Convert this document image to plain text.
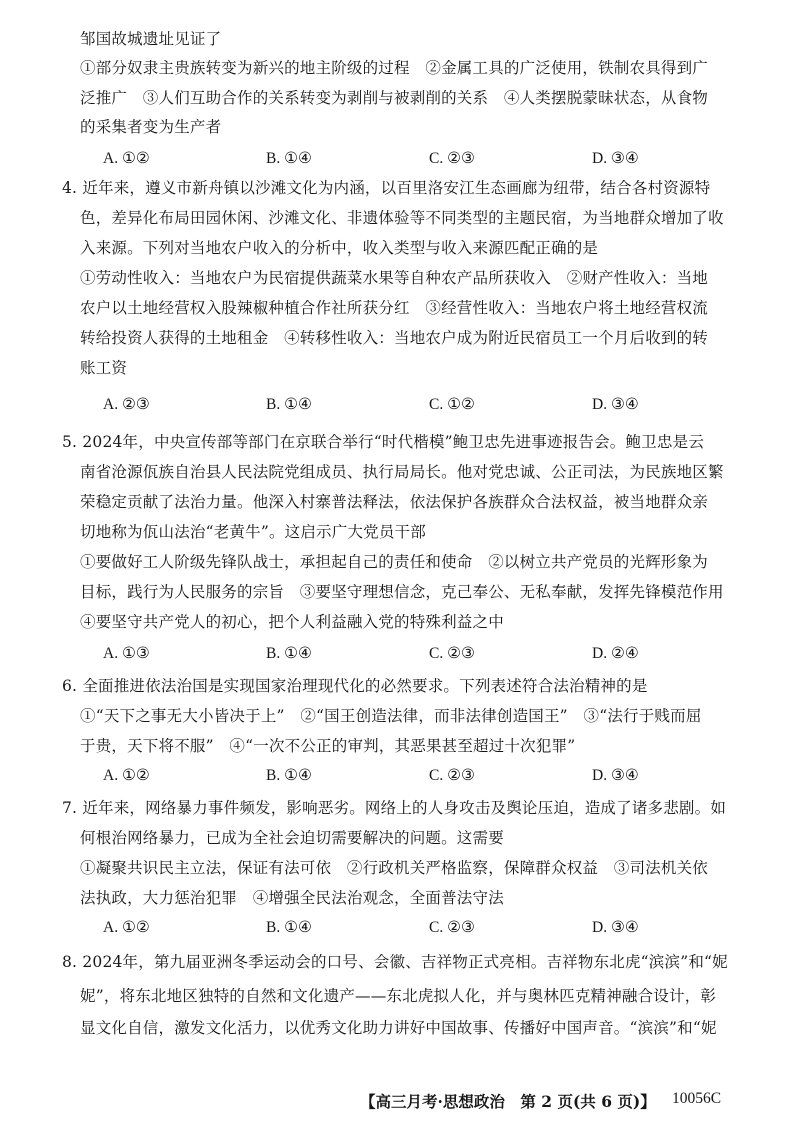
邹国故城遗址见证了
①部分奴隶主贵族转变为新兴的地主阶级的过程　②金属工具的广泛使用，铁制农具得到广
泛推广　③人们互助合作的关系转变为剥削与被剥削的关系　④人类摆脱蒙昧状态，从食物
的采集者变为生产者
A. ①②	B. ①④	C. ②③	D. ③④
4. 近年来，遵义市新舟镇以沙滩文化为内涵，以百里洛安江生态画廊为纽带，结合各村资源特
色，差异化布局田园休闲、沙滩文化、非遗体验等不同类型的主题民宿，为当地群众增加了收
入来源。下列对当地农户收入的分析中，收入类型与收入来源匹配正确的是
①劳动性收入：当地农户为民宿提供蔬菜水果等自种农产品所获收入　②财产性收入：当地
农户以土地经营权入股辣椒种植合作社所获分红　③经营性收入：当地农户将土地经营权流
转给投资人获得的土地租金　④转移性收入：当地农户成为附近民宿员工一个月后收到的转
账工资
A. ②③	B. ①④	C. ①②	D. ③④
5. 2024年，中央宣传部等部门在京联合举行“时代楷模”鲍卫忠先进事迹报告会。鲍卫忠是云
南省沧源佤族自治县人民法院党组成员、执行局局长。他对党忠诚、公正司法，为民族地区繁
荣稳定贡献了法治力量。他深入村寨普法释法，依法保护各族群众合法权益，被当地群众亲
切地称为佤山法治“老黄牛”。这启示广大党员干部
①要做好工人阶级先锋队战士，承担起自己的责任和使命　②以树立共产党员的光辉形象为
目标，践行为人民服务的宗旨　③要坚守理想信念，克己奉公、无私奉献，发挥先锋模范作用
④要坚守共产党人的初心，把个人利益融入党的特殊利益之中
A. ①③	B. ①④	C. ②③	D. ②④
6. 全面推进依法治国是实现国家治理现代化的必然要求。下列表述符合法治精神的是
①“天下之事无大小皆决于上”　②“国王创造法律，而非法律创造国王”　③“法行于贱而屈
于贵，天下将不服”　④“一次不公正的审判，其恶果甚至超过十次犯罪”
A. ①②	B. ①④	C. ②③	D. ③④
7. 近年来，网络暴力事件频发，影响恶劣。网络上的人身攻击及舆论压迫，造成了诸多悲剧。如
何根治网络暴力，已成为全社会迫切需要解决的问题。这需要
①凝聚共识民主立法，保证有法可依　②行政机关严格监察，保障群众权益　③司法机关依
法执政，大力惩治犯罪　④增强全民法治观念，全面普法守法
A. ①②	B. ①④	C. ②③	D. ③④
8. 2024年，第九届亚洲冬季运动会的口号、会徽、吉祥物正式亮相。吉祥物东北虎“滨滨”和“妮
妮”，将东北地区独特的自然和文化遗产——东北虎拟人化，并与奥林匹克精神融合设计，彰
显文化自信，激发文化活力，以优秀文化助力讲好中国故事、传播好中国声音。“滨滨”和“妮
【高三月考·思想政治　第 2 页(共 6 页)】 10056C
